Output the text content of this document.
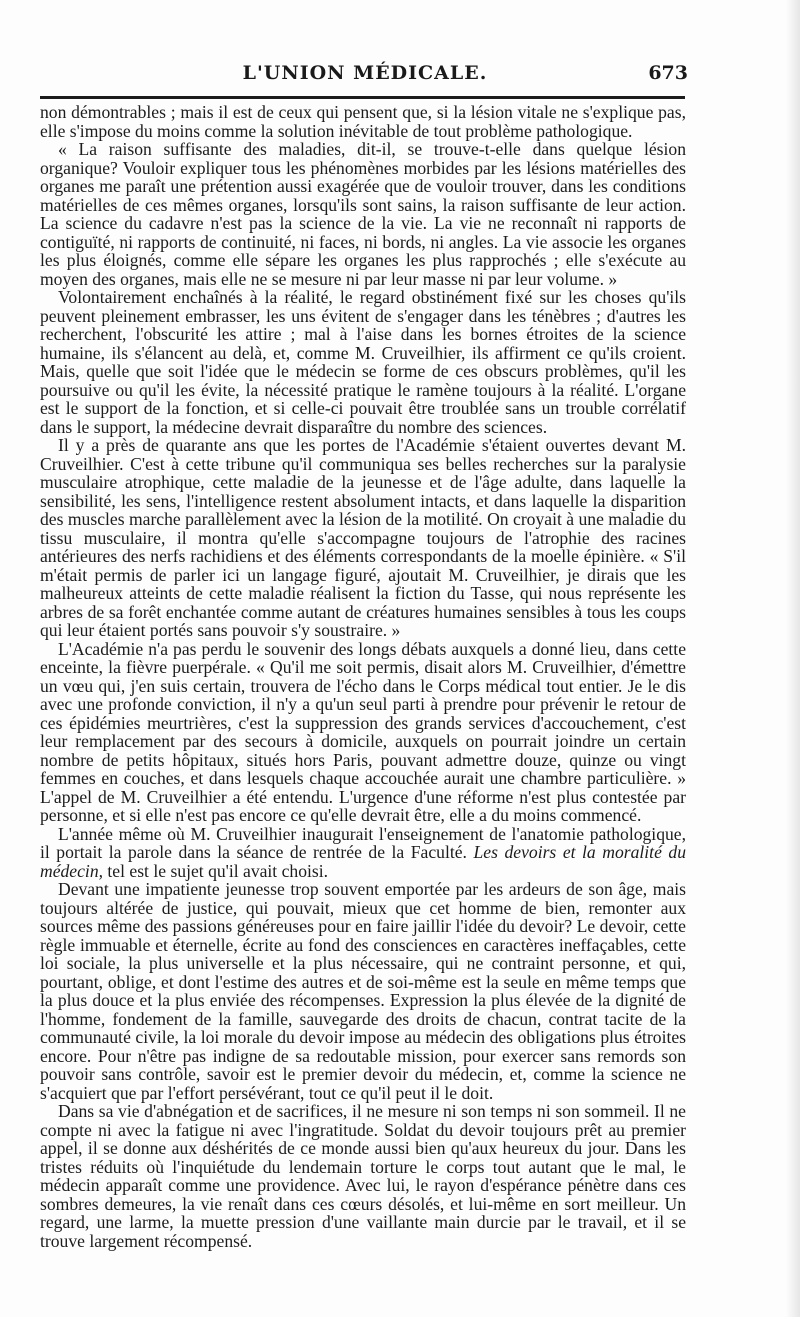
L'UNION MÉDICALE.	673

non démontrables ; mais il est de ceux qui pensent que, si la lésion vitale ne s'explique pas, elle s'impose du moins comme la solution inévitable de tout problème pathologique.

« La raison suffisante des maladies, dit-il, se trouve-t-elle dans quelque lésion organique? Vouloir expliquer tous les phénomènes morbides par les lésions matérielles des organes me paraît une prétention aussi exagérée que de vouloir trouver, dans les conditions matérielles de ces mêmes organes, lorsqu'ils sont sains, la raison suffisante de leur action. La science du cadavre n'est pas la science de la vie. La vie ne reconnaît ni rapports de contiguïté, ni rapports de continuité, ni faces, ni bords, ni angles. La vie associe les organes les plus éloignés, comme elle sépare les organes les plus rapprochés ; elle s'exécute au moyen des organes, mais elle ne se mesure ni par leur masse ni par leur volume. »

Volontairement enchaînés à la réalité, le regard obstinément fixé sur les choses qu'ils peuvent pleinement embrasser, les uns évitent de s'engager dans les ténèbres ; d'autres les recherchent, l'obscurité les attire ; mal à l'aise dans les bornes étroites de la science humaine, ils s'élancent au delà, et, comme M. Cruveilhier, ils affirment ce qu'ils croient. Mais, quelle que soit l'idée que le médecin se forme de ces obscurs problèmes, qu'il les poursuive ou qu'il les évite, la nécessité pratique le ramène toujours à la réalité. L'organe est le support de la fonction, et si celle-ci pouvait être troublée sans un trouble corrélatif dans le support, la médecine devrait disparaître du nombre des sciences.

Il y a près de quarante ans que les portes de l'Académie s'étaient ouvertes devant M. Cruveilhier. C'est à cette tribune qu'il communiqua ses belles recherches sur la paralysie musculaire atrophique, cette maladie de la jeunesse et de l'âge adulte, dans laquelle la sensibilité, les sens, l'intelligence restent absolument intacts, et dans laquelle la disparition des muscles marche parallèlement avec la lésion de la motilité. On croyait à une maladie du tissu musculaire, il montra qu'elle s'accompagne toujours de l'atrophie des racines antérieures des nerfs rachidiens et des éléments correspondants de la moelle épinière. « S'il m'était permis de parler ici un langage figuré, ajoutait M. Cruveilhier, je dirais que les malheureux atteints de cette maladie réalisent la fiction du Tasse, qui nous représente les arbres de sa forêt enchantée comme autant de créatures humaines sensibles à tous les coups qui leur étaient portés sans pouvoir s'y soustraire. »

L'Académie n'a pas perdu le souvenir des longs débats auxquels a donné lieu, dans cette enceinte, la fièvre puerpérale. « Qu'il me soit permis, disait alors M. Cruveilhier, d'émettre un vœu qui, j'en suis certain, trouvera de l'écho dans le Corps médical tout entier. Je le dis avec une profonde conviction, il n'y a qu'un seul parti à prendre pour prévenir le retour de ces épidémies meurtrières, c'est la suppression des grands services d'accouchement, c'est leur remplacement par des secours à domicile, auxquels on pourrait joindre un certain nombre de petits hôpitaux, situés hors Paris, pouvant admettre douze, quinze ou vingt femmes en couches, et dans lesquels chaque accouchée aurait une chambre particulière. » L'appel de M. Cruveilhier a été entendu. L'urgence d'une réforme n'est plus contestée par personne, et si elle n'est pas encore ce qu'elle devrait être, elle a du moins commencé.

L'année même où M. Cruveilhier inaugurait l'enseignement de l'anatomie pathologique, il portait la parole dans la séance de rentrée de la Faculté. Les devoirs et la moralité du médecin, tel est le sujet qu'il avait choisi.

Devant une impatiente jeunesse trop souvent emportée par les ardeurs de son âge, mais toujours altérée de justice, qui pouvait, mieux que cet homme de bien, remonter aux sources même des passions généreuses pour en faire jaillir l'idée du devoir? Le devoir, cette règle immuable et éternelle, écrite au fond des consciences en caractères ineffaçables, cette loi sociale, la plus universelle et la plus nécessaire, qui ne contraint personne, et qui, pourtant, oblige, et dont l'estime des autres et de soi-même est la seule en même temps que la plus douce et la plus enviée des récompenses. Expression la plus élevée de la dignité de l'homme, fondement de la famille, sauvegarde des droits de chacun, contrat tacite de la communauté civile, la loi morale du devoir impose au médecin des obligations plus étroites encore. Pour n'être pas indigne de sa redoutable mission, pour exercer sans remords son pouvoir sans contrôle, savoir est le premier devoir du médecin, et, comme la science ne s'acquiert que par l'effort persévérant, tout ce qu'il peut il le doit.

Dans sa vie d'abnégation et de sacrifices, il ne mesure ni son temps ni son sommeil. Il ne compte ni avec la fatigue ni avec l'ingratitude. Soldat du devoir toujours prêt au premier appel, il se donne aux déshérités de ce monde aussi bien qu'aux heureux du jour. Dans les tristes réduits où l'inquiétude du lendemain torture le corps tout autant que le mal, le médecin apparaît comme une providence. Avec lui, le rayon d'espérance pénètre dans ces sombres demeures, la vie renaît dans ces cœurs désolés, et lui-même en sort meilleur. Un regard, une larme, la muette pression d'une vaillante main durcie par le travail, et il se trouve largement récompensé.
